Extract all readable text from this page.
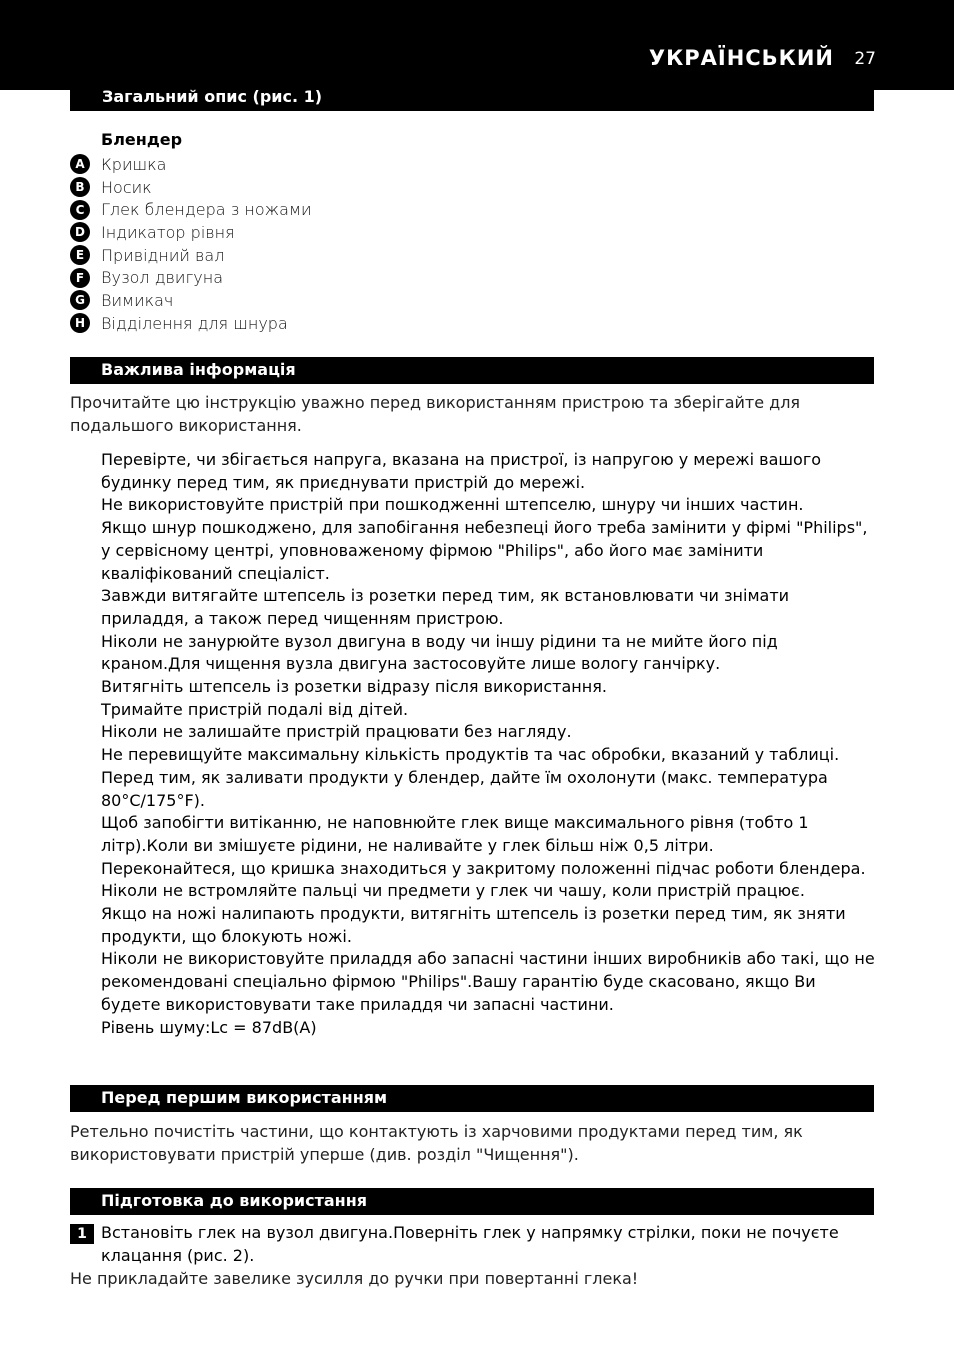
УКРАЇНСЬКИЙ 27
Загальний опис (рис. 1)
Блендер
A	Кришка
B	Носик
C	Глек блендера з ножами
D	Індикатор рівня
E	Привідний вал
F	Вузол двигуна
G	Вимикач
H Відділення для шнура
Важлива інформація
Прочитайте цю інструкцію уважно перед використанням пристрою та зберігайте для подальшого використання.
Перевірте, чи збігається напруга, вказана на пристрої, із напругою у мережі вашого будинку перед тим, як приєднувати пристрій до мережі.
Не використовуйте пристрій при пошкодженні штепселю, шнуру чи інших частин.
Якщо шнур пошкоджено, для запобігання небезпеці його треба замінити у фірмі "Philips", у сервісному центрі, уповноваженому фірмою "Philips", або його має замінити кваліфікований спеціаліст.
Завжди витягайте штепсель із розетки перед тим, як встановлювати чи знімати приладдя, а також перед чищенням пристрою.
Ніколи не занурюйте вузол двигуна в воду чи іншу рідини та не мийте його під краном.Для чищення вузла двигуна застосовуйте лише вологу ганчірку.
Витягніть штепсель із розетки відразу після використання.
Тримайте пристрій подалі від дітей.
Ніколи не залишайте пристрій працювати без нагляду.
Не перевищуйте максимальну кількість продуктів та час обробки, вказаний у таблиці.
Перед тим, як заливати продукти у блендер, дайте їм охолонути (макс. температура 80°C/175°F).
Щоб запобігти витіканню, не наповнюйте глек вище максимального рівня (тобто 1 літр).Коли ви змішуєте рідини, не наливайте у глек більш ніж 0,5 літри.
Переконайтеся, що кришка знаходиться у закритому положенні підчас роботи блендера.
Ніколи не встромляйте пальці чи предмети у глек чи чашу, коли пристрій працює.
Якщо на ножі налипають продукти, витягніть штепсель із розетки перед тим, як зняти продукти, що блокують ножі.
Ніколи не використовуйте приладдя або запасні частини інших виробників або такі, що не рекомендовані спеціально фірмою "Philips".Вашу гарантію буде скасовано, якщо Ви будете використовувати таке приладдя чи запасні частини.
Рівень шуму:Lc = 87dB(A)
Перед першим використанням
Ретельно почистіть частини, що контактують із харчовими продуктами перед тим, як використовувати пристрій уперше (див. розділ "Чищення").
Підготовка до використання
1 Встановіть глек на вузол двигуна.Поверніть глек у напрямку стрілки, поки не почуєте клацання (рис. 2).
Не прикладайте завелике зусилля до ручки при повертанні глека!
